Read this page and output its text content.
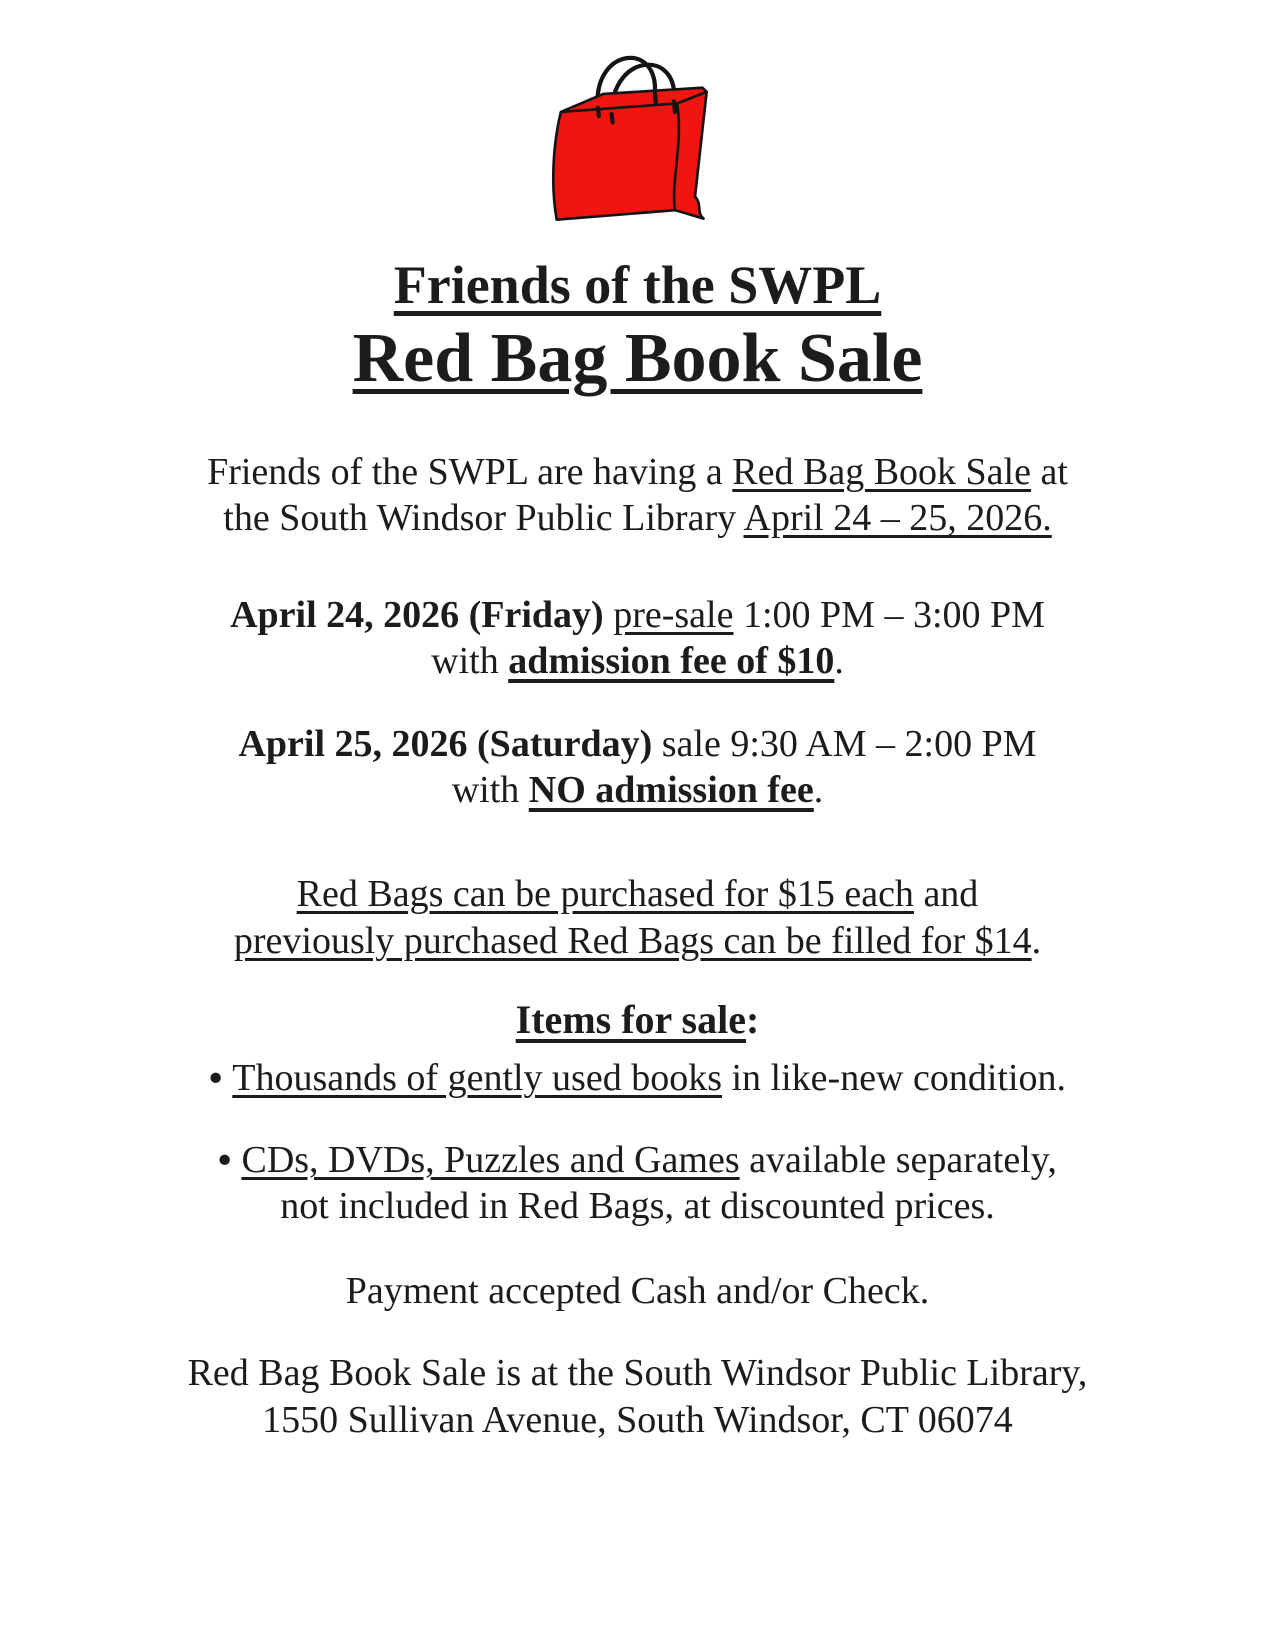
Friends of the SWPL
Red Bag Book Sale
Friends of the SWPL are having a Red Bag Book Sale at
the South Windsor Public Library April 24 – 25, 2026.
April 24, 2026 (Friday) pre-sale 1:00 PM – 3:00 PM
with admission fee of $10.
April 25, 2026 (Saturday) sale 9:30 AM – 2:00 PM
with NO admission fee.
Red Bags can be purchased for $15 each and
previously purchased Red Bags can be filled for $14.
Items for sale:
• Thousands of gently used books in like-new condition.
• CDs, DVDs, Puzzles and Games available separately,
not included in Red Bags, at discounted prices.
Payment accepted Cash and/or Check.
Red Bag Book Sale is at the South Windsor Public Library,
1550 Sullivan Avenue, South Windsor, CT 06074
